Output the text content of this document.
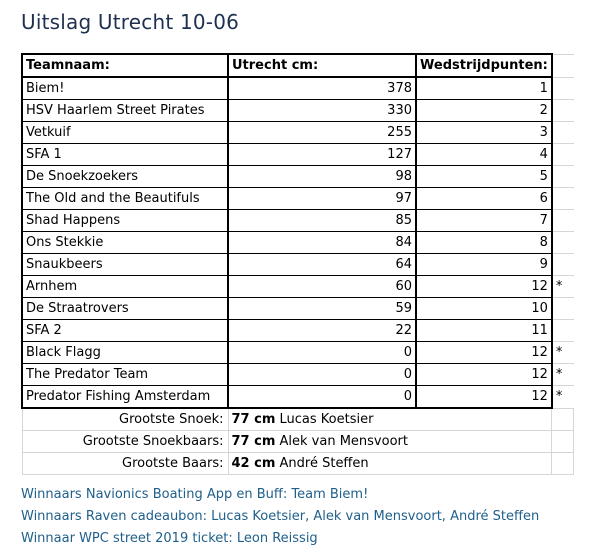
Uitslag Utrecht 10-06
Teamnaam:	Utrecht cm:	Wedstrijdpunten:	
Biem!	378	1	
HSV Haarlem Street Pirates	330	2	
Vetkuif	255	3	
SFA 1	127	4	
De Snoekzoekers	98	5	
The Old and the Beautifuls	97	6	
Shad Happens	85	7	
Ons Stekkie	84	8	
Snaukbeers	64	9	
Arnhem	60	12	*
De Straatrovers	59	10	
SFA 2	22	11	
Black Flagg	0	12	*
The Predator Team	0	12	*
Predator Fishing Amsterdam	0	12	*
Grootste Snoek:	77 cm Lucas Koetsier		
Grootste Snoekbaars:	77 cm Alek van Mensvoort		
Grootste Baars:	42 cm André Steffen		
Winnaars Navionics Boating App en Buff: Team Biem!
Winnaars Raven cadeaubon: Lucas Koetsier, Alek van Mensvoort, André Steffen
Winnaar WPC street 2019 ticket: Leon Reissig
